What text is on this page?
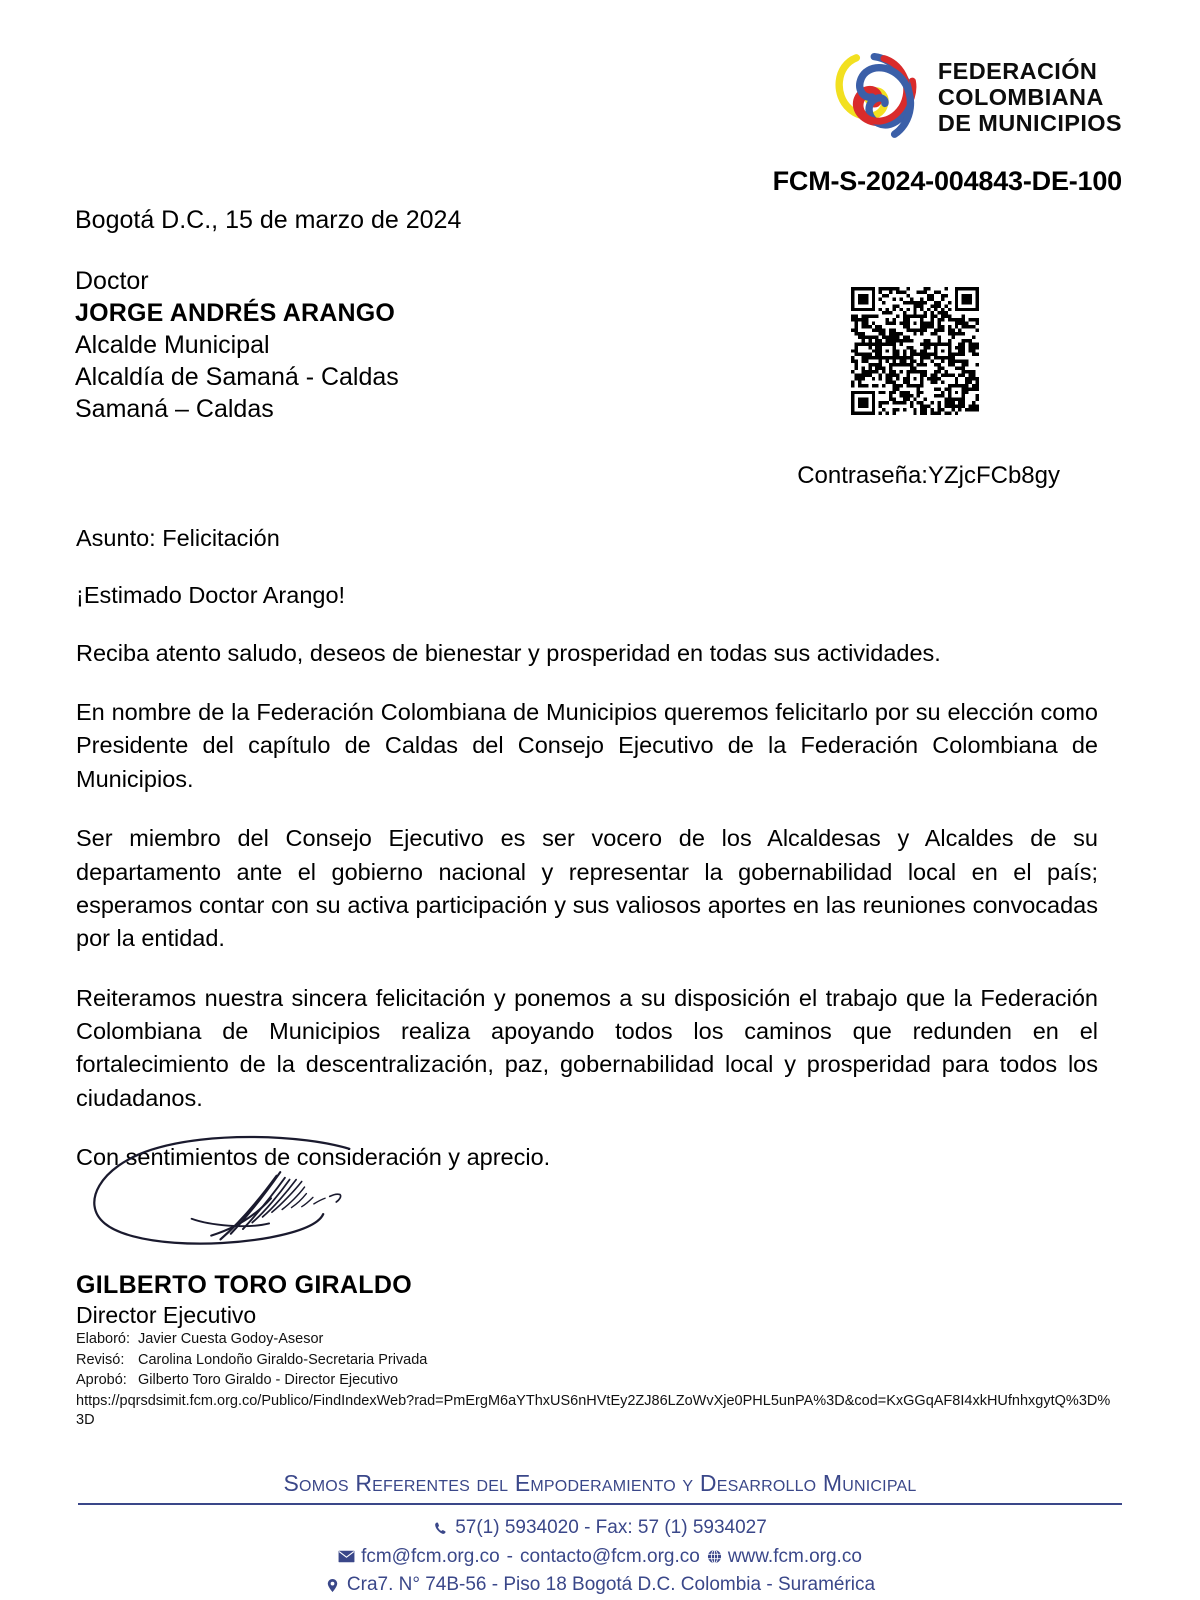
FEDERACIÓN
COLOMBIANA
DE MUNICIPIOS
FCM-S-2024-004843-DE-100
Bogotá D.C., 15 de marzo de 2024
Doctor
JORGE ANDRÉS ARANGO
Alcalde Municipal
Alcaldía de Samaná - Caldas
Samaná – Caldas
Contraseña:YZjcFCb8gy

Asunto: Felicitación

¡Estimado Doctor Arango!

Reciba atento saludo, deseos de bienestar y prosperidad en todas sus actividades.

En nombre de la Federación Colombiana de Municipios queremos felicitarlo por su elección como Presidente del capítulo de Caldas del Consejo Ejecutivo de la Federación Colombiana de Municipios.

Ser miembro del Consejo Ejecutivo es ser vocero de los Alcaldesas y Alcaldes de su departamento ante el gobierno nacional y representar la gobernabilidad local en el país; esperamos contar con su activa participación y sus valiosos aportes en las reuniones convocadas por la entidad.

Reiteramos nuestra sincera felicitación y ponemos a su disposición el trabajo que la Federación Colombiana de Municipios realiza apoyando todos los caminos que redunden en el fortalecimiento de la descentralización, paz, gobernabilidad local y prosperidad para todos los ciudadanos.

Con sentimientos de consideración y aprecio.

GILBERTO TORO GIRALDO
Director Ejecutivo
Elaboró: Javier Cuesta Godoy-Asesor
Revisó: Carolina Londoño Giraldo-Secretaria Privada
Aprobó: Gilberto Toro Giraldo - Director Ejecutivo
https://pqrsdsimit.fcm.org.co/Publico/FindIndexWeb?rad=PmErgM6aYThxUS6nHVtEy2ZJ86LZoWvXje0PHL5unPA%3D&cod=KxGGqAF8I4xkHUfnhxgytQ%3D%3D
Somos Referentes del Empoderamiento y Desarrollo Municipal
57(1) 5934020 - Fax: 57 (1) 5934027
fcm@fcm.org.co - contacto@fcm.org.co www.fcm.org.co
Cra7. N° 74B-56 - Piso 18 Bogotá D.C. Colombia - Suramérica
